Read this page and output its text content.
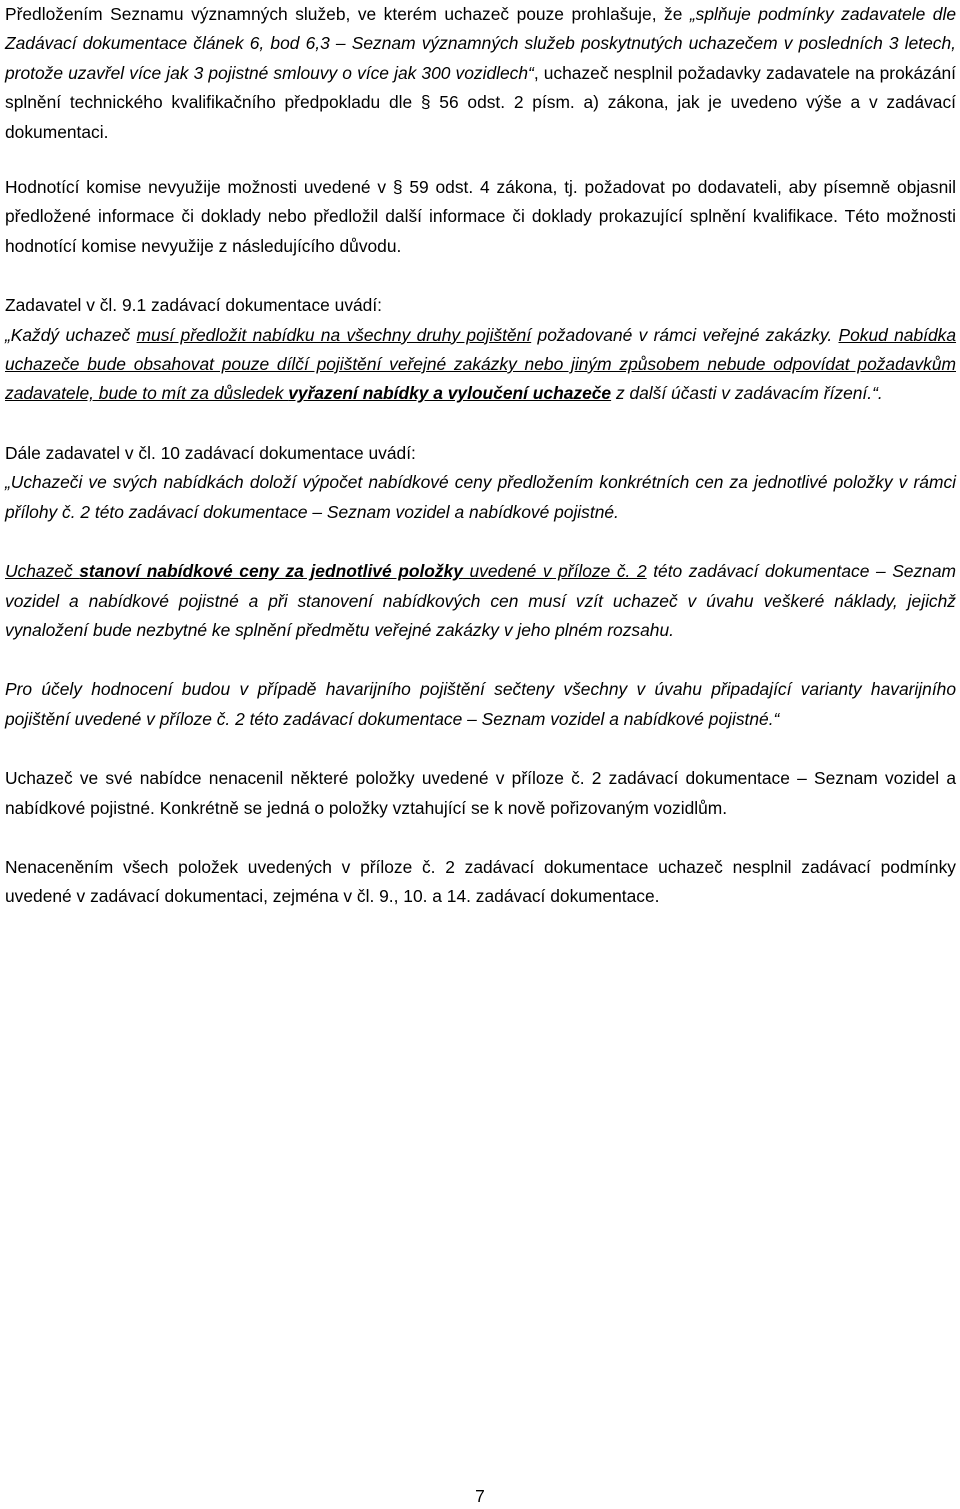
Předložením Seznamu významných služeb, ve kterém uchazeč pouze prohlašuje, že „splňuje podmínky zadavatele dle Zadávací dokumentace článek 6, bod 6,3 – Seznam významných služeb poskytnutých uchazečem v posledních 3 letech, protože uzavřel více jak 3 pojistné smlouvy o více jak 300 vozidlech“, uchazeč nesplnil požadavky zadavatele na prokázání splnění technického kvalifikačního předpokladu dle § 56 odst. 2 písm. a) zákona, jak je uvedeno výše a v zadávací dokumentaci.

Hodnotící komise nevyužije možnosti uvedené v § 59 odst. 4 zákona, tj. požadovat po dodavateli, aby písemně objasnil předložené informace či doklady nebo předložil další informace či doklady prokazující splnění kvalifikace. Této možnosti hodnotící komise nevyužije z následujícího důvodu.

Zadavatel v čl. 9.1 zadávací dokumentace uvádí:

„Každý uchazeč musí předložit nabídku na všechny druhy pojištění požadované v rámci veřejné zakázky. Pokud nabídka uchazeče bude obsahovat pouze dílčí pojištění veřejné zakázky nebo jiným způsobem nebude odpovídat požadavkům zadavatele, bude to mít za důsledek vyřazení nabídky a vyloučení uchazeče z další účasti v zadávacím řízení.“.

Dále zadavatel v čl. 10 zadávací dokumentace uvádí:

„Uchazeči ve svých nabídkách doloží výpočet nabídkové ceny předložením konkrétních cen za jednotlivé položky v rámci přílohy č. 2 této zadávací dokumentace – Seznam vozidel a nabídkové pojistné.

Uchazeč stanoví nabídkové ceny za jednotlivé položky uvedené v příloze č. 2 této zadávací dokumentace – Seznam vozidel a nabídkové pojistné a při stanovení nabídkových cen musí vzít uchazeč v úvahu veškeré náklady, jejichž vynaložení bude nezbytné ke splnění předmětu veřejné zakázky v jeho plném rozsahu.

Pro účely hodnocení budou v případě havarijního pojištění sečteny všechny v úvahu připadající varianty havarijního pojištění uvedené v příloze č. 2 této zadávací dokumentace – Seznam vozidel a nabídkové pojistné.“

Uchazeč ve své nabídce nenacenil některé položky uvedené v příloze č. 2 zadávací dokumentace – Seznam vozidel a nabídkové pojistné. Konkrétně se jedná o položky vztahující se k nově pořizovaným vozidlům.

Nenaceněním všech položek uvedených v příloze č. 2 zadávací dokumentace uchazeč nesplnil zadávací podmínky uvedené v zadávací dokumentaci, zejména v čl. 9., 10. a 14. zadávací dokumentace.

7
